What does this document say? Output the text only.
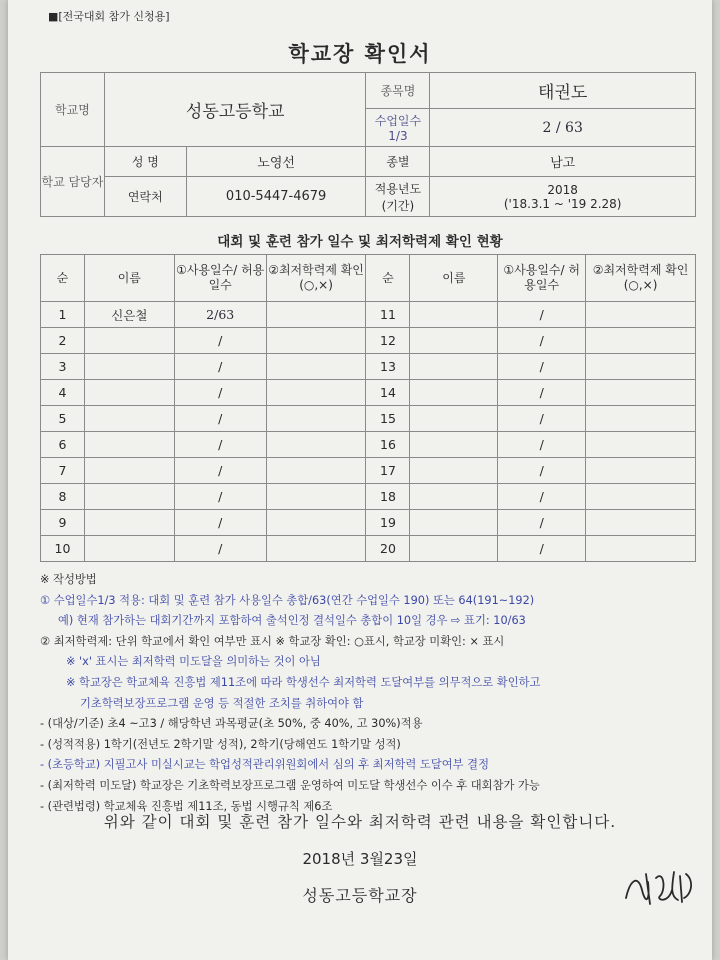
■[전국대회 참가 신청용]
학교장 확인서
학교명	성동고등학교		종목명	태권도
			수업일수 1/3	2 / 63
학교 담당자	성 명	노영선	종별	남고
	연락처	010-5447-4679	적용년도 (기간)	2018
('18.3.1 ~ '19 2.28)
대회 및 훈련 참가 일수 및 최저학력제 확인 현황
순	이름	①사용일수/ 허용일수	②최저학력제 확인(○,×)	순	이름	①사용일수/ 허용일수	②최저학력제 확인(○,×)
1	신은철	2/63		11		/	
2		/		12		/	
3		/		13		/	
4		/		14		/	
5		/		15		/	
6		/		16		/	
7		/		17		/	
8		/		18		/	
9		/		19		/	
10		/		20		/	
※ 작성방법
① 수업일수1/3 적용: 대회 및 훈련 참가 사용일수 총합/63(연간 수업일수 190) 또는 64(191~192)
예) 현재 참가하는 대회기간까지 포함하여 출석인정 결석일수 총합이 10일 경우 ⇨ 표기: 10/63
② 최저학력제: 단위 학교에서 확인 여부만 표시 ※ 학교장 확인: ○표시, 학교장 미확인: × 표시
※ 'x' 표시는 최저학력 미도달을 의미하는 것이 아님
※ 학교장은 학교체육 진흥법 제11조에 따라 학생선수 최저학력 도달여부를 의무적으로 확인하고
기초학력보장프로그램 운영 등 적절한 조치를 취하여야 함
- (대상/기준) 초4 ~고3 / 해당학년 과목평균(초 50%, 중 40%, 고 30%)적용
- (성적적용) 1학기(전년도 2학기말 성적), 2학기(당해연도 1학기말 성적)
- (초등학교) 지필고사 미실시교는 학업성적관리위원회에서 심의 후 최저학력 도달여부 결정
- (최저학력 미도달) 학교장은 기초학력보장프로그램 운영하여 미도달 학생선수 이수 후 대회참가 가능
- (관련법령) 학교체육 진흥법 제11조, 동법 시행규칙 제6조
위와 같이 대회 및 훈련 참가 일수와 최저학력 관련 내용을 확인합니다.
2018년 3월23일
성동고등학교장
